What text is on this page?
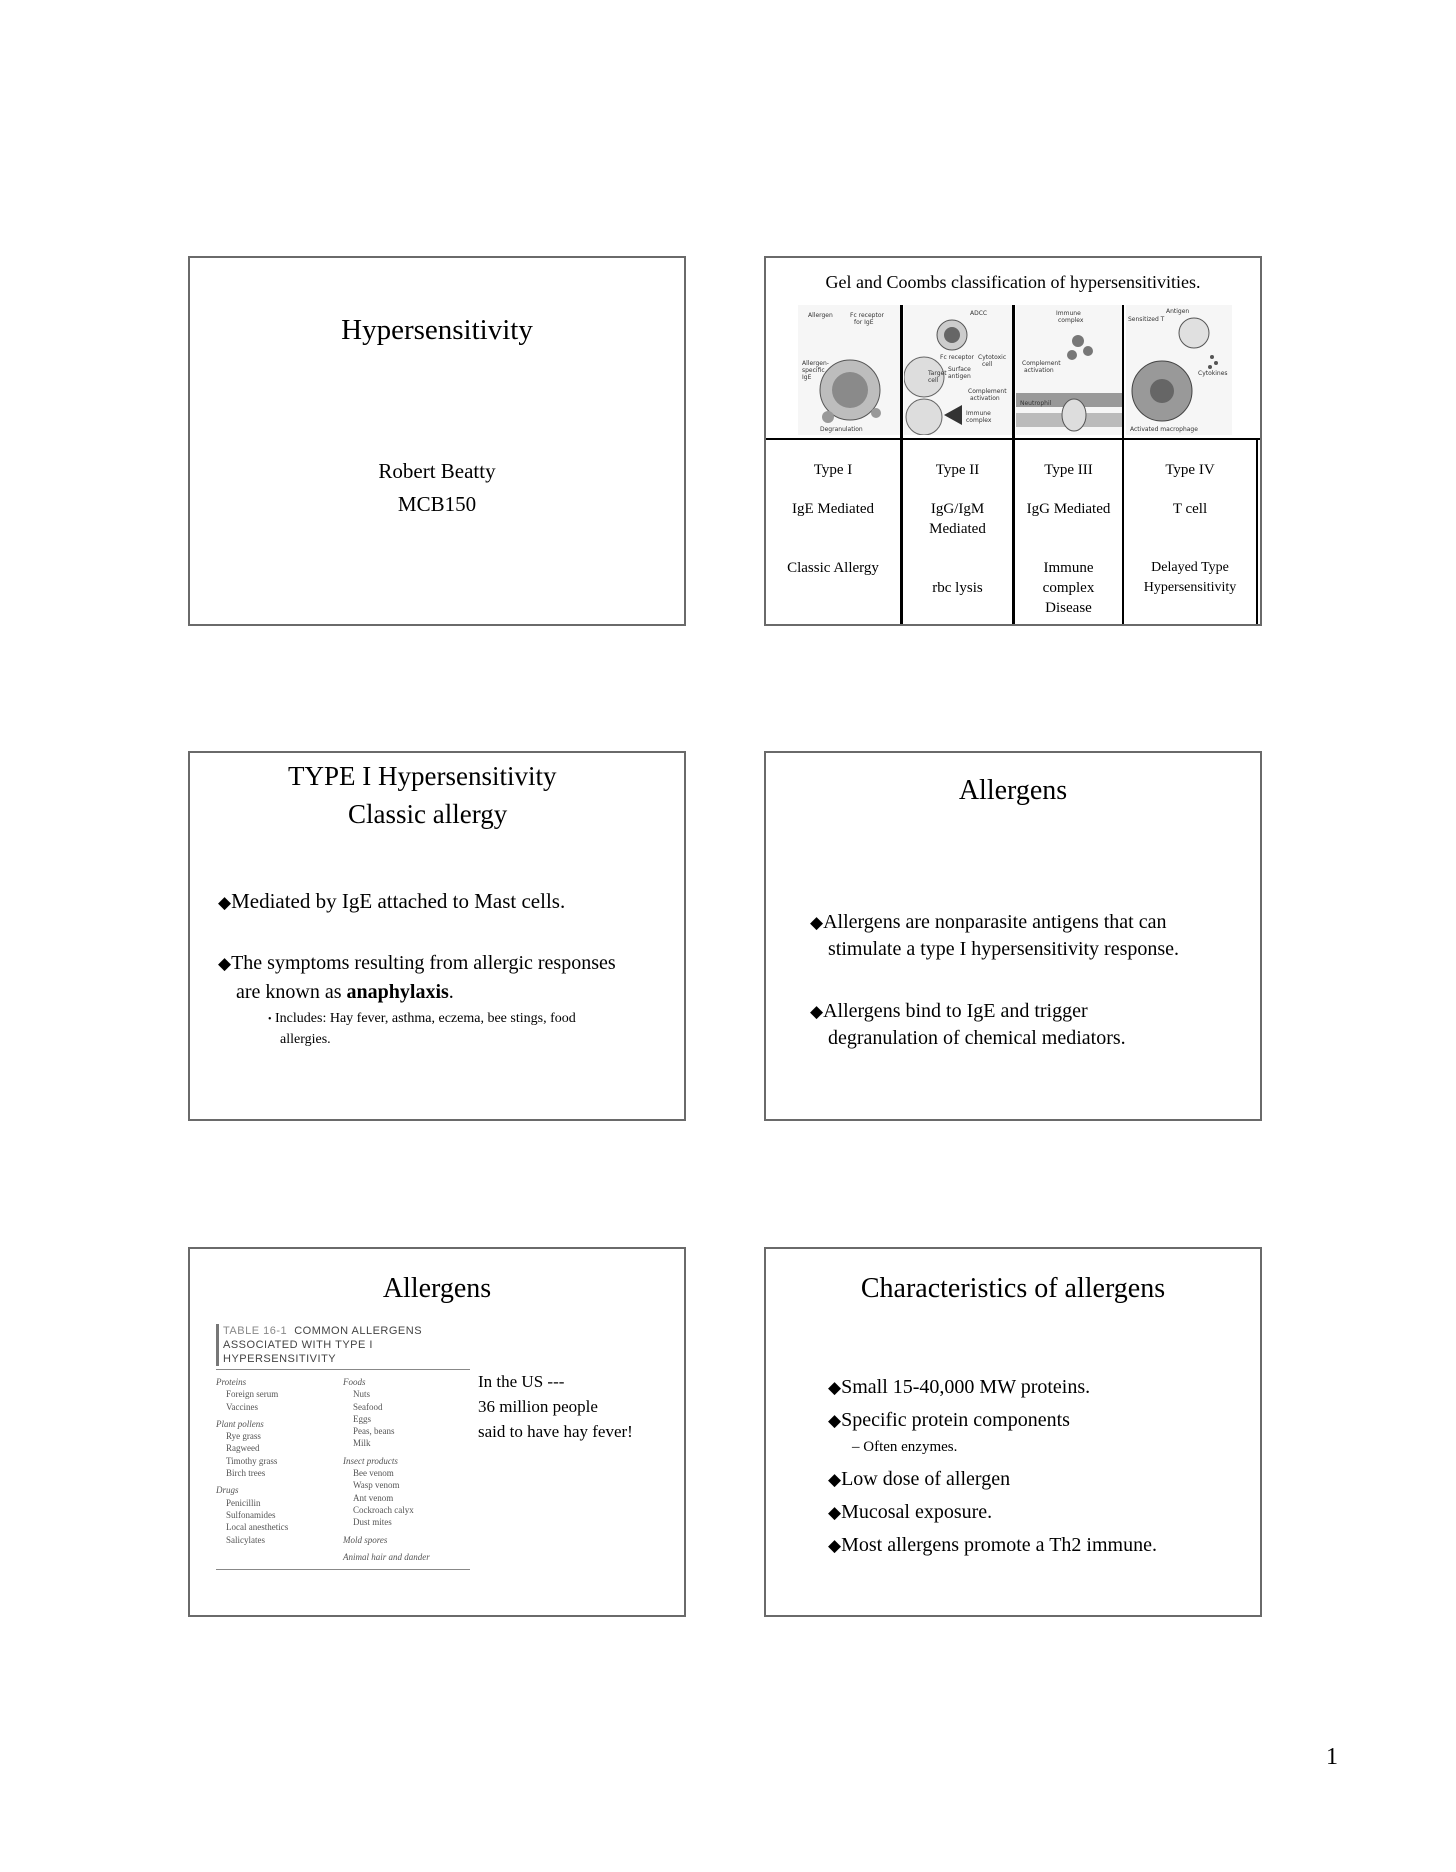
Hypersensitivity
Robert Beatty
MCB150
Gel and Coombs classification of hypersensitivities.
Allergen	Fc receptor
for IgE
Allergen-
specific
IgE
Degranulation
ADCC
Fc receptor Cytotoxic
cell
Surface
antigen
Target
cell
Complement
activation
Immune
complex
Immune
complex
Complement
activation
Neutrophil
Antigen
Sensitized T
Cytokines
Activated macrophage
Type I
IgE Mediated
Classic Allergy
Type II
IgG/IgM Mediated
rbc lysis
Type III
IgG Mediated
Immune complex Disease
Type IV
T cell
Delayed Type Hypersensitivity
TYPE I Hypersensitivity
Classic allergy
◆Mediated by IgE attached to Mast cells.
◆The symptoms resulting from allergic responses
are known as anaphylaxis.
• Includes: Hay fever, asthma, eczema, bee stings, food
allergies.
Allergens
◆Allergens are nonparasite antigens that can
stimulate a type I hypersensitivity response.
◆Allergens bind to IgE and trigger
degranulation of chemical mediators.
Allergens
TABLE 16-1 COMMON ALLERGENS
ASSOCIATED WITH TYPE I
HYPERSENSITIVITY
Proteins
Foreign serum
Vaccines
Plant pollens
Rye grass
Ragweed
Timothy grass
Birch trees
Drugs
Penicillin
Sulfonamides
Local anesthetics
Salicylates
Foods
Nuts
Seafood
Eggs
Peas, beans
Milk
Insect products
Bee venom
Wasp venom
Ant venom
Cockroach calyx
Dust mites
Mold spores
Animal hair and dander
In the US ---
36 million people
said to have hay fever!
Characteristics of allergens
◆Small 15-40,000 MW proteins.
◆Specific protein components
– Often enzymes.
◆Low dose of allergen
◆Mucosal exposure.
◆Most allergens promote a Th2 immune.
1
